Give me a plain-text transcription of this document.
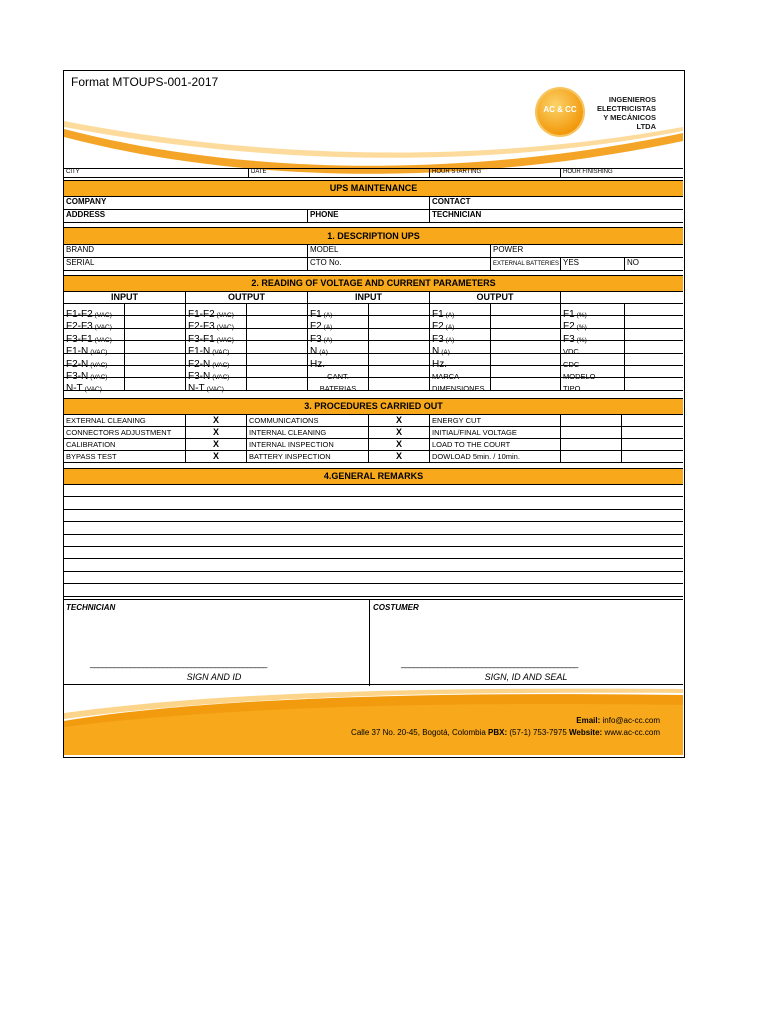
Format MTOUPS-001-2017
AC & CC
INGENIEROS
ELECTRICISTAS
Y MECÁNICOS LTDA
CITY	DATE	HOUR STARTING	HOUR FINISHING
UPS MAINTENANCE
COMPANY	CONTACT
ADDRESS	PHONE	TECHNICIAN
1. DESCRIPTION UPS
BRAND	MODEL	POWER
SERIAL	CTO No.	EXTERNAL BATTERIES YES	NO
2. READING OF VOLTAGE AND CURRENT PARAMETERS
INPUT	OUTPUT	INPUT	OUTPUT
F1-F2 (VAC)	F1-F2 (VAC)	F1 (A)	F1 (A)	F1 (%)
F2-F3 (VAC)	F2-F3 (VAC)	F2 (A)	F2 (A)	F2 (%)
F3-F1 (VAC)	F3-F1 (VAC)	F3 (A)	F3 (A)	F3 (%)
F1-N (VAC)	F1-N (VAC)	N (A)	N (A)	VDC
F2-N (VAC)	F2-N (VAC)	Hz.	Hz.	CDC
F3-N (VAC)	F3-N (VAC)	CANT.	MARCA	MODELO
N-T (VAC)	N-T (VAC)	BATERIAS	DIMENSIONES	TIPO
3. PROCEDURES CARRIED OUT
EXTERNAL CLEANING	X	COMMUNICATIONS	X	ENERGY CUT
CONNECTORS ADJUSTMENT	X	INTERNAL CLEANING	X	INITIAL/FINAL VOLTAGE
CALIBRATION	X	INTERNAL INSPECTION	X	LOAD TO THE COURT
BYPASS TEST	X	BATTERY INSPECTION	X	DOWLOAD 5min. / 10min.
4.GENERAL REMARKS
TECHNICIAN	COSTUMER
____________________________________________	____________________________________________
SIGN AND ID	SIGN, ID AND SEAL
Email: info@ac-cc.com
Calle 37 No. 20-45, Bogotá, Colombia PBX: (57-1) 753-7975 Website: www.ac-cc.com
